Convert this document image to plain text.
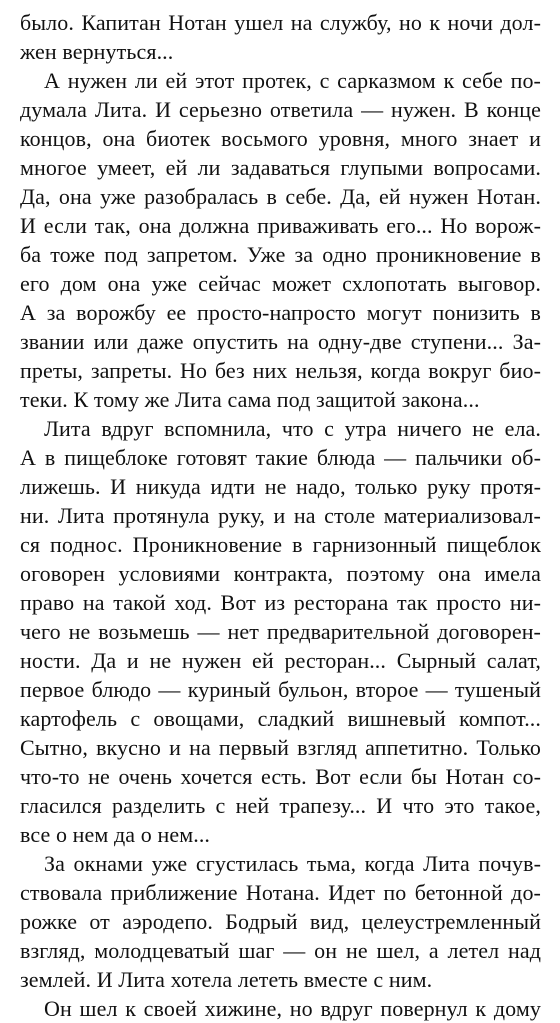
было. Капитан Нотан ушел на службу, но к ночи дол-
жен вернуться...
А нужен ли ей этот протек, с сарказмом к себе по-
думала Лита. И серьезно ответила — нужен. В конце
концов, она биотек восьмого уровня, много знает и
многое умеет, ей ли задаваться глупыми вопросами.
Да, она уже разобралась в себе. Да, ей нужен Нотан.
И если так, она должна приваживать его... Но ворож-
ба тоже под запретом. Уже за одно проникновение в
его дом она уже сейчас может схлопотать выговор.
А за ворожбу ее просто-напросто могут понизить в
звании или даже опустить на одну-две ступени... За-
преты, запреты. Но без них нельзя, когда вокруг био-
теки. К тому же Лита сама под защитой закона...
Лита вдруг вспомнила, что с утра ничего не ела.
А в пищеблоке готовят такие блюда — пальчики об-
лижешь. И никуда идти не надо, только руку протя-
ни. Лита протянула руку, и на столе материализовал-
ся поднос. Проникновение в гарнизонный пищеблок
оговорен условиями контракта, поэтому она имела
право на такой ход. Вот из ресторана так просто ни-
чего не возьмешь — нет предварительной договорен-
ности. Да и не нужен ей ресторан... Сырный салат,
первое блюдо — куриный бульон, второе — тушеный
картофель с овощами, сладкий вишневый компот...
Сытно, вкусно и на первый взгляд аппетитно. Только
что-то не очень хочется есть. Вот если бы Нотан со-
гласился разделить с ней трапезу... И что это такое,
все о нем да о нем...
За окнами уже сгустилась тьма, когда Лита почув-
ствовала приближение Нотана. Идет по бетонной до-
рожке от аэродепо. Бодрый вид, целеустремленный
взгляд, молодцеватый шаг — он не шел, а летел над
землей. И Лита хотела лететь вместе с ним.
Он шел к своей хижине, но вдруг повернул к дому
